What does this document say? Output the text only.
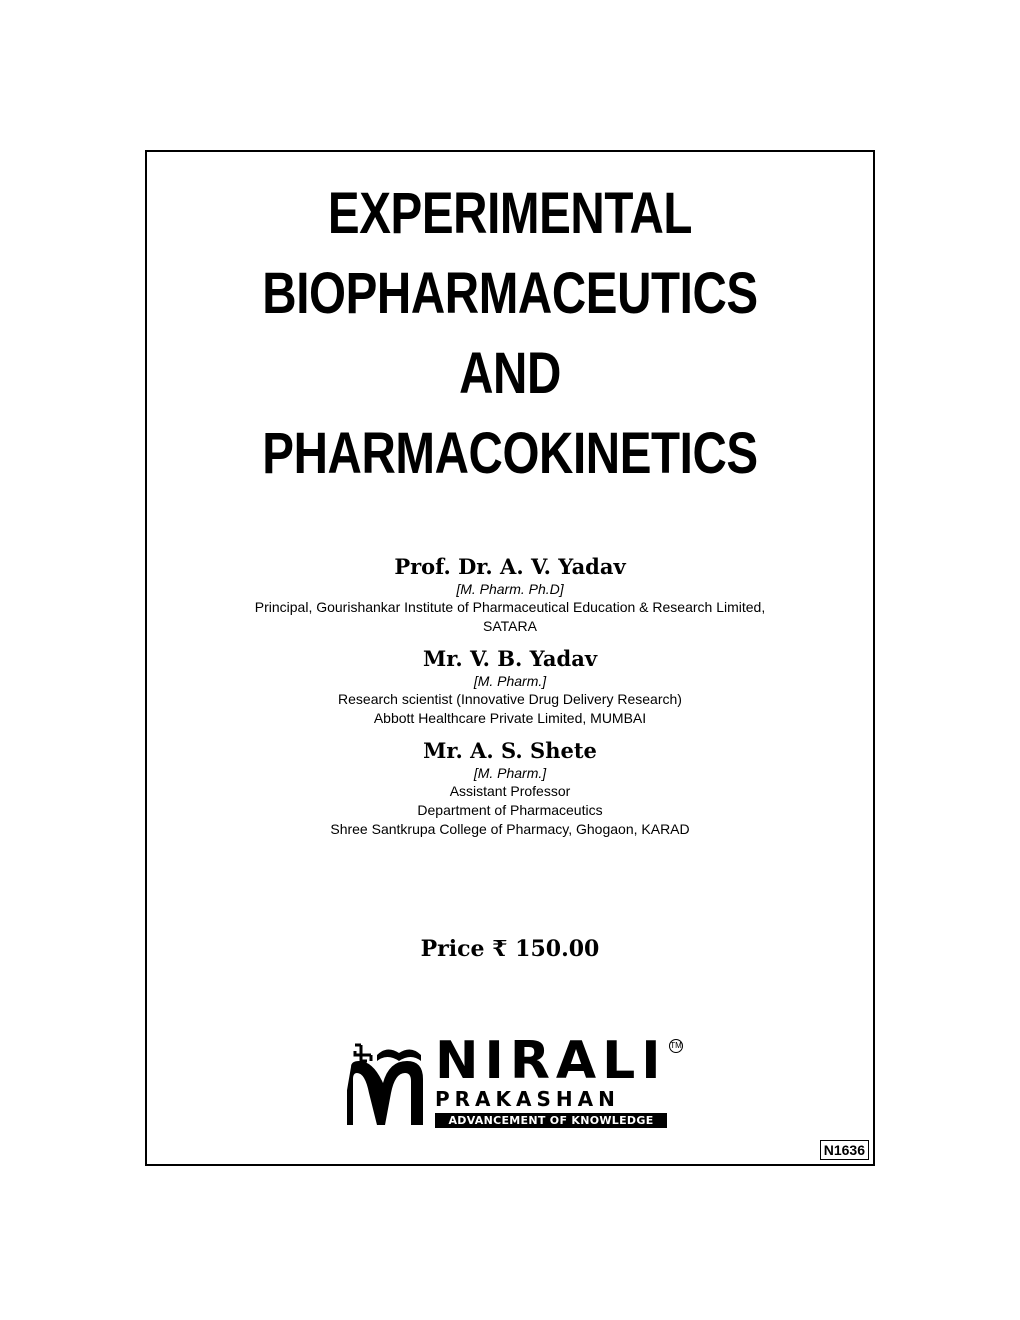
EXPERIMENTAL
BIOPHARMACEUTICS
AND
PHARMACOKINETICS
Prof. Dr. A. V. Yadav
[M. Pharm. Ph.D]
Principal, Gourishankar Institute of Pharmaceutical Education & Research Limited,
SATARA
Mr. V. B. Yadav
[M. Pharm.]
Research scientist (Innovative Drug Delivery Research)
Abbott Healthcare Private Limited, MUMBAI
Mr. A. S. Shete
[M. Pharm.]
Assistant Professor
Department of Pharmaceutics
Shree Santkrupa College of Pharmacy, Ghogaon, KARAD
Price ₹ 150.00
NIRALI TM
PRAKASHAN
ADVANCEMENT OF KNOWLEDGE
N1636
